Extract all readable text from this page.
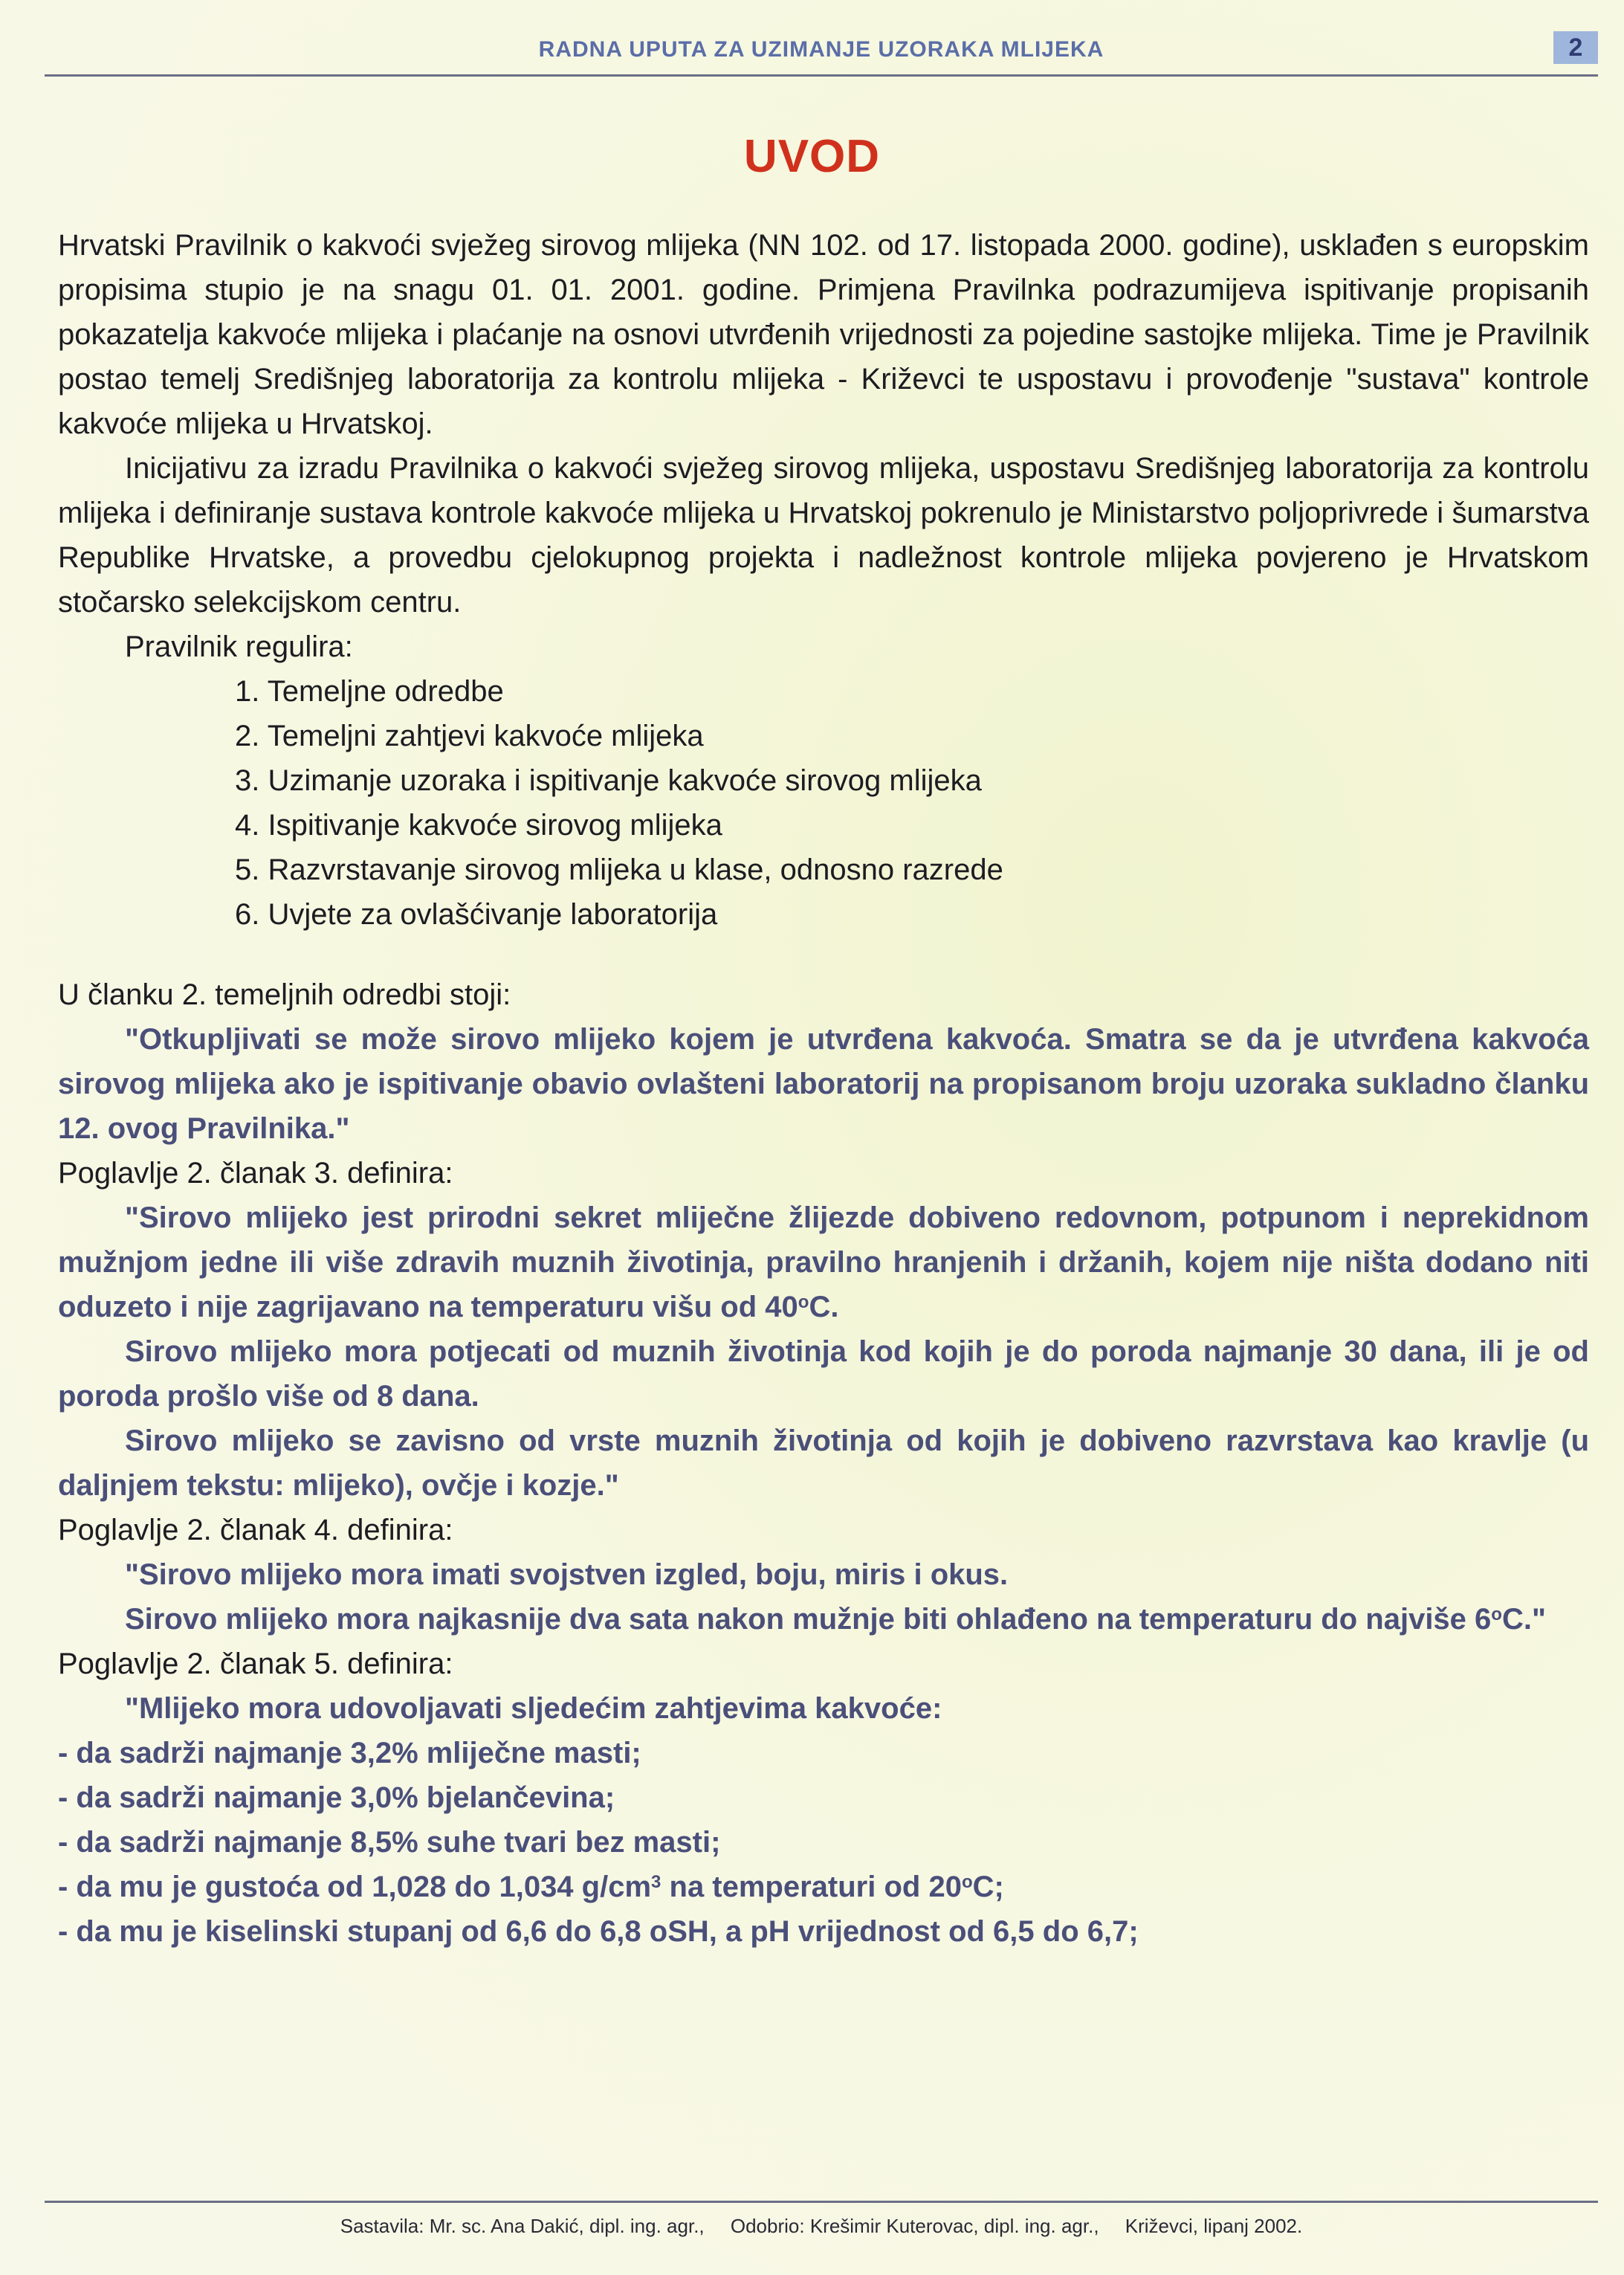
RADNA UPUTA ZA UZIMANJE UZORAKA MLIJEKA	2
UVOD

Hrvatski Pravilnik o kakvoći svježeg sirovog mlijeka (NN 102. od 17. listopada 2000. godine), usklađen s europskim propisima stupio je na snagu 01. 01. 2001. godine. Primjena Pravilnka podrazumijeva ispitivanje propisanih pokazatelja kakvoće mlijeka i plaćanje na osnovi utvrđenih vrijednosti za pojedine sastojke mlijeka. Time je Pravilnik postao temelj Središnjeg laboratorija za kontrolu mlijeka - Križevci te uspostavu i provođenje "sustava" kontrole kakvoće mlijeka u Hrvatskoj.

Inicijativu za izradu Pravilnika o kakvoći svježeg sirovog mlijeka, uspostavu Središnjeg laboratorija za kontrolu mlijeka i definiranje sustava kontrole kakvoće mlijeka u Hrvatskoj pokrenulo je Ministarstvo poljoprivrede i šumarstva Republike Hrvatske, a provedbu cjelokupnog projekta i nadležnost kontrole mlijeka povjereno je Hrvatskom stočarsko selekcijskom centru.

Pravilnik regulira:

1. Temeljne odredbe
2. Temeljni zahtjevi kakvoće mlijeka
3. Uzimanje uzoraka i ispitivanje kakvoće sirovog mlijeka
4. Ispitivanje kakvoće sirovog mlijeka
5. Razvrstavanje sirovog mlijeka u klase, odnosno razrede
6. Uvjete za ovlašćivanje laboratorija

U članku 2. temeljnih odredbi stoji:

"Otkupljivati se može sirovo mlijeko kojem je utvrđena kakvoća. Smatra se da je utvrđena kakvoća sirovog mlijeka ako je ispitivanje obavio ovlašteni laboratorij na propisanom broju uzoraka sukladno članku 12. ovog Pravilnika."

Poglavlje 2. članak 3. definira:

"Sirovo mlijeko jest prirodni sekret mliječne žlijezde dobiveno redovnom, potpunom i neprekidnom mužnjom jedne ili više zdravih muznih životinja, pravilno hranjenih i držanih, kojem nije ništa dodano niti oduzeto i nije zagrijavano na temperaturu višu od 40$^o$C.

Sirovo mlijeko mora potjecati od muznih životinja kod kojih je do poroda najmanje 30 dana, ili je od poroda prošlo više od 8 dana.

Sirovo mlijeko se zavisno od vrste muznih životinja od kojih je dobiveno razvrstava kao kravlje (u daljnjem tekstu: mlijeko), ovčje i kozje."

Poglavlje 2. članak 4. definira:

"Sirovo mlijeko mora imati svojstven izgled, boju, miris i okus.

Sirovo mlijeko mora najkasnije dva sata nakon mužnje biti ohlađeno na temperaturu do najviše 6$^o$C."

Poglavlje 2. članak 5. definira:

"Mlijeko mora udovoljavati sljedećim zahtjevima kakvoće:

- da sadrži najmanje 3,2% mliječne masti;

- da sadrži najmanje 3,0% bjelančevina;

- da sadrži najmanje 8,5% suhe tvari bez masti;

- da mu je gustoća od 1,028 do 1,034 $g/cm^3$ na temperaturi od 20$^o$C;

- da mu je kiselinski stupanj od 6,6 do 6,8 oSH, a pH vrijednost od 6,5 do 6,7;

Sastavila: Mr. sc. Ana Dakić, dipl. ing. agr., Odobrio: Krešimir Kuterovac, dipl. ing. agr., Križevci, lipanj 2002.
